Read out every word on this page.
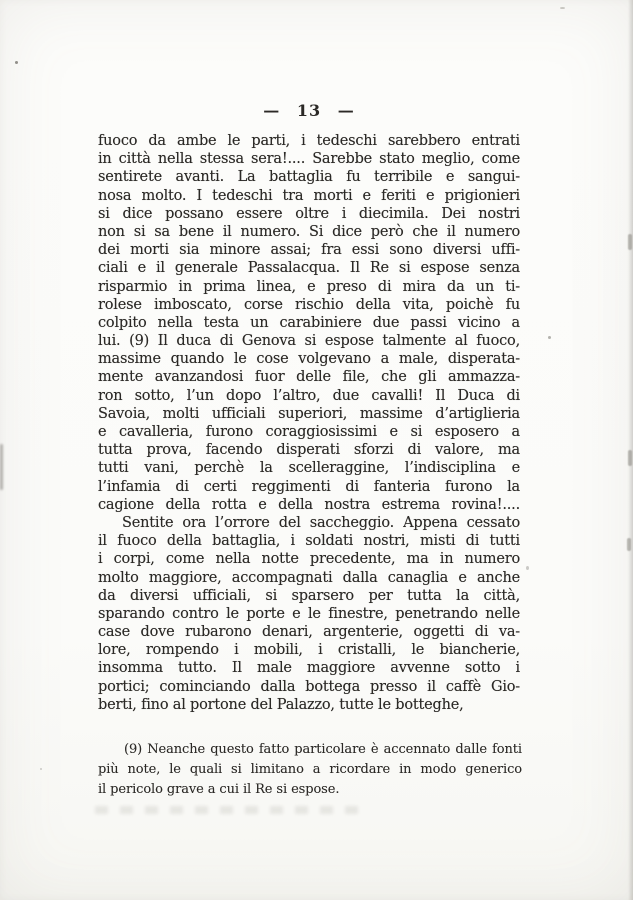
— 13 —
fuoco da ambe le parti, i tedeschi sarebbero entrati
in città nella stessa sera!.... Sarebbe stato meglio, come
sentirete avanti. La battaglia fu terribile e sangui-
nosa molto. I tedeschi tra morti e feriti e prigionieri
si dice possano essere oltre i diecimila. Dei nostri
non si sa bene il numero. Si dice però che il numero
dei morti sia minore assai; fra essi sono diversi uffi-
ciali e il generale Passalacqua. Il Re si espose senza
risparmio in prima linea, e preso di mira da un ti-
rolese imboscato, corse rischio della vita, poichè fu
colpito nella testa un carabiniere due passi vicino a
lui. (9) Il duca di Genova si espose talmente al fuoco,
massime quando le cose volgevano a male, disperata-
mente avanzandosi fuor delle file, che gli ammazza-
ron sotto, l’un dopo l’altro, due cavalli! Il Duca di
Savoia, molti ufficiali superiori, massime d’artiglieria
e cavalleria, furono coraggiosissimi e si esposero a
tutta prova, facendo disperati sforzi di valore, ma
tutti vani, perchè la scelleraggine, l’indisciplina e
l’infamia di certi reggimenti di fanteria furono la
cagione della rotta e della nostra estrema rovina!....
Sentite ora l’orrore del saccheggio. Appena cessato
il fuoco della battaglia, i soldati nostri, misti di tutti
i corpi, come nella notte precedente, ma in numero
molto maggiore, accompagnati dalla canaglia e anche
da diversi ufficiali, si sparsero per tutta la città,
sparando contro le porte e le finestre, penetrando nelle
case dove rubarono denari, argenterie, oggetti di va-
lore, rompendo i mobili, i cristalli, le biancherie,
insomma tutto. Il male maggiore avvenne sotto i
portici; cominciando dalla bottega presso il caffè Gio-
berti, fino al portone del Palazzo, tutte le botteghe,
(9) Neanche questo fatto particolare è accennato dalle fonti
più note, le quali si limitano a ricordare in modo generico
il pericolo grave a cui il Re si espose.
